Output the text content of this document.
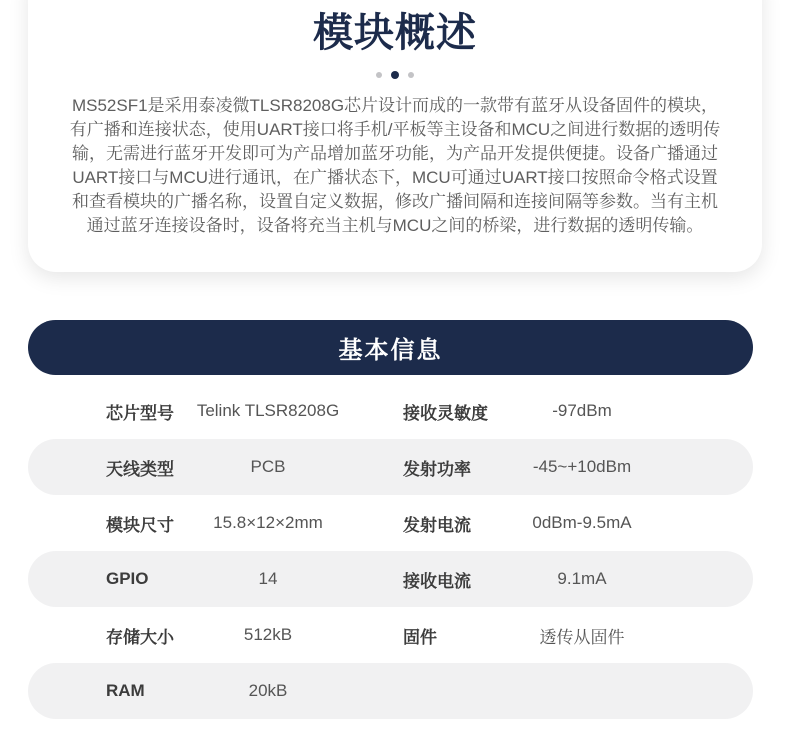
模块概述
MS52SF1是采用泰凌微TLSR8208G芯片设计而成的一款带有蓝牙从设备固件的模块，有广播和连接状态，使用UART接口将手机/平板等主设备和MCU之间进行数据的透明传输，无需进行蓝牙开发即可为产品增加蓝牙功能，为产品开发提供便捷。设备广播通过UART接口与MCU进行通讯，在广播状态下，MCU可通过UART接口按照命令格式设置和查看模块的广播名称，设置自定义数据，修改广播间隔和连接间隔等参数。当有主机通过蓝牙连接设备时，设备将充当主机与MCU之间的桥梁，进行数据的透明传输。
基本信息
芯片型号	Telink TLSR8208G	接收灵敏度	-97dBm
天线类型	PCB	发射功率	-45~+10dBm
模块尺寸	15.8×12×2mm	发射电流	0dBm-9.5mA
GPIO	14	接收电流	9.1mA
存储大小	512kB	固件	透传从固件
RAM	20kB
